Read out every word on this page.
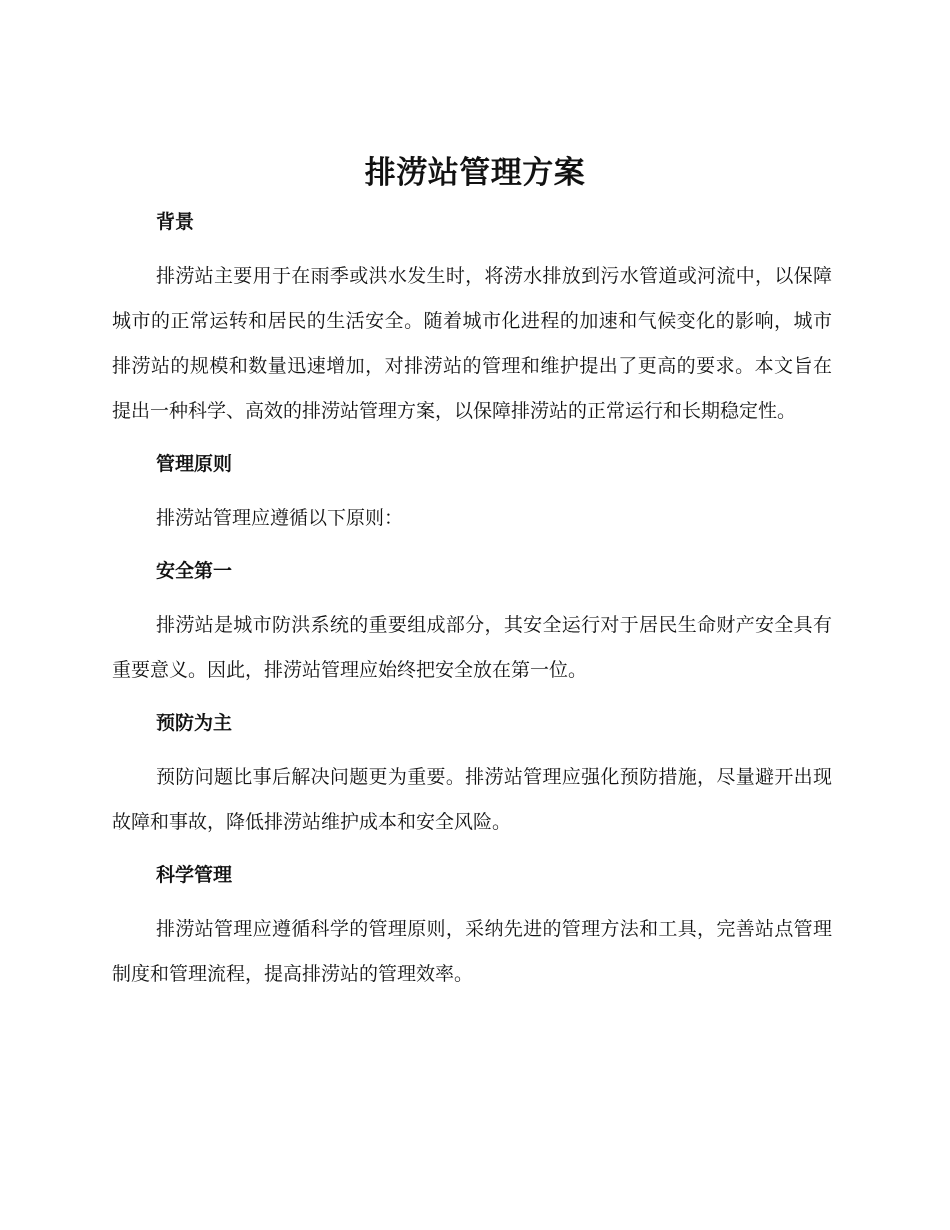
排涝站管理方案
背景

排涝站主要用于在雨季或洪水发生时，将涝水排放到污水管道或河流中，以保障城市的正常运转和居民的生活安全。随着城市化进程的加速和气候变化的影响，城市排涝站的规模和数量迅速增加，对排涝站的管理和维护提出了更高的要求。本文旨在提出一种科学、高效的排涝站管理方案，以保障排涝站的正常运行和长期稳定性。

管理原则

排涝站管理应遵循以下原则：

安全第一

排涝站是城市防洪系统的重要组成部分，其安全运行对于居民生命财产安全具有重要意义。因此，排涝站管理应始终把安全放在第一位。

预防为主

预防问题比事后解决问题更为重要。排涝站管理应强化预防措施，尽量避开出现故障和事故，降低排涝站维护成本和安全风险。

科学管理

排涝站管理应遵循科学的管理原则，采纳先进的管理方法和工具，完善站点管理制度和管理流程，提高排涝站的管理效率。
